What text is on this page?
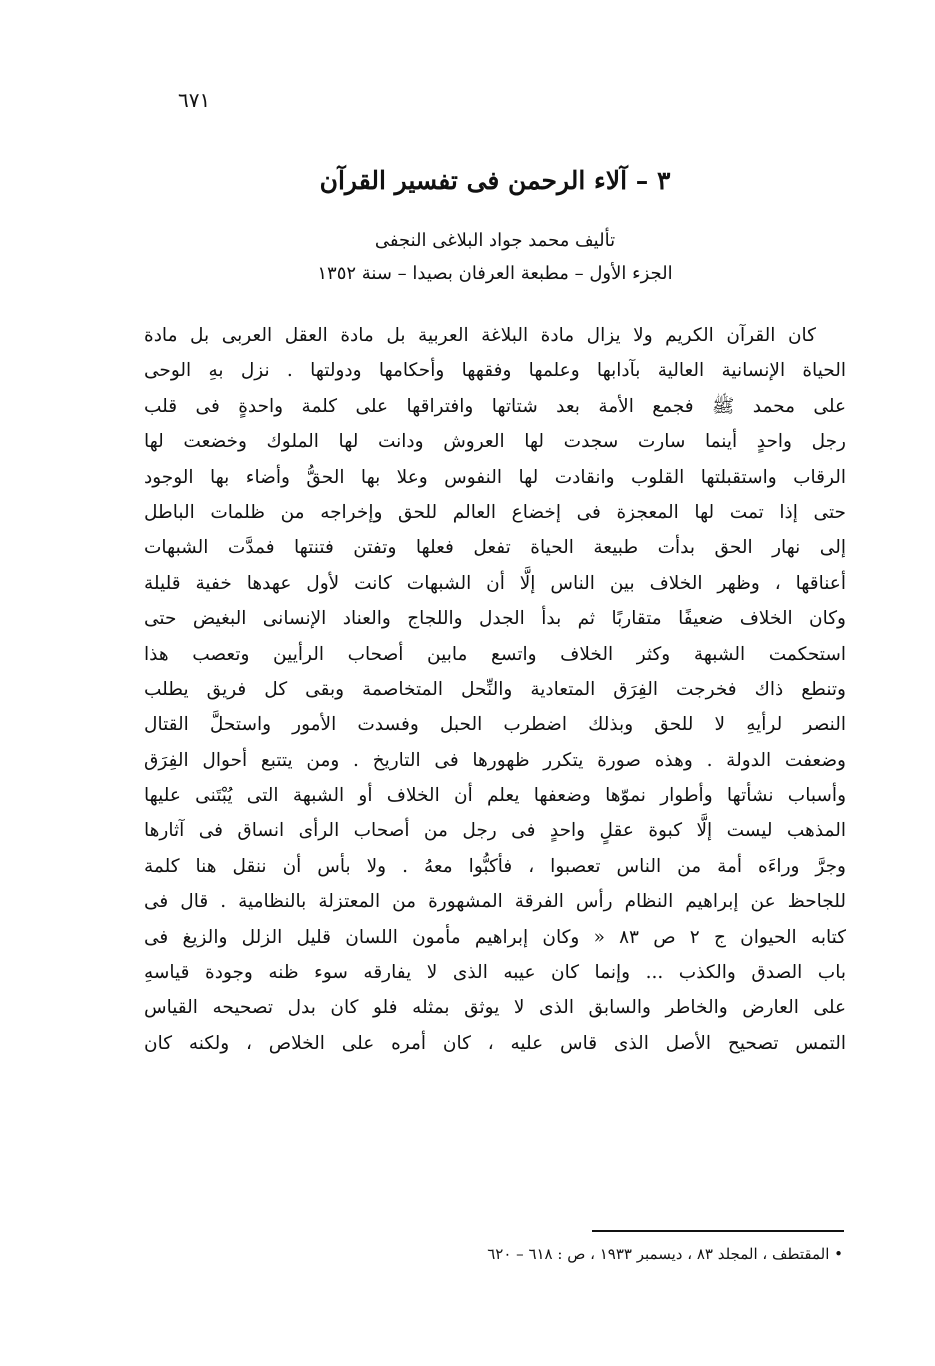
٦٧١
٣ – آلاء الرحمن فى تفسير القرآن
تأليف محمد جواد البلاغى النجفى
الجزء الأول – مطبعة العرفان بصيدا – سنة ١٣٥٢
كان القرآن الكريم ولا يزال مادة البلاغة العربية بل مادة العقل العربى بل مادة
الحياة الإنسانية العالية بآدابها وعلمها وفقهها وأحكامها ودولتها . نزل بهِ الوحى
على محمد ﷺ فجمع الأمة بعد شتاتها وافتراقها على كلمة واحدةٍ فى قلب
رجل واحدٍ أينما سارت سجدت لها العروش ودانت لها الملوك وخضعت لها
الرقاب واستقبلتها القلوب وانقادت لها النفوس وعلا بها الحقُّ وأضاء بها الوجود
حتى إذا تمت لها المعجزة فى إخضاع العالم للحق وإخراجه من ظلمات الباطل
إلى نهار الحق بدأت طبيعة الحياة تفعل فعلها وتفتن فتنتها فمدَّت الشبهات
أعناقها ، وظهر الخلاف بين الناس إلَّا أن الشبهات كانت لأول عهدها خفية قليلة
وكان الخلاف ضعيفًا متقاربًا ثم بدأ الجدل واللجاج والعناد الإنسانى البغيض حتى
استحكمت الشبهة وكثر الخلاف واتسع مابين أصحاب الرأيين وتعصب هذا
وتنطع ذاك فخرجت الفِرَق المتعادية والنِّحل المتخاصمة وبقى كل فريق يطلب
النصر لرأيهِ لا للحق وبذلك اضطرب الحبل وفسدت الأمور واستحلَّ القتال
وضعفت الدولة . وهذه صورة يتكرر ظهورها فى التاريخ . ومن يتتبع أحوال الفِرَق
وأسباب نشأتها وأطوار نموّها وضعفها يعلم أن الخلاف أو الشبهة التى يُبْتَنى عليها
المذهب ليست إلَّا كبوة عقلٍ واحدٍ فى رجل من أصحاب الرأى انساق فى آثارها
وجرَّ وراءَه أمة من الناس تعصبوا ، فأكبُّوا معهُ . ولا بأس أن ننقل هنا كلمة
للجاحظ عن إبراهيم النظام رأس الفرقة المشهورة من المعتزلة بالنظامية . قال فى
كتابه الحيوان ج ٢ ص ٨٣ « وكان إبراهيم مأمون اللسان قليل الزلل والزيغ فى
باب الصدق والكذب ... وإنما كان عيبه الذى لا يفارقه سوء ظنه وجودة قياسهِ
على العارض والخاطر والسابق الذى لا يوثق بمثله فلو كان بدل تصحيحه القياس
التمس تصحيح الأصل الذى قاس عليه ، كان أمره على الخلاص ، ولكنه كان
• المقتطف ، المجلد ٨٣ ، ديسمبر ١٩٣٣ ، ص : ٦١٨ – ٦٢٠
